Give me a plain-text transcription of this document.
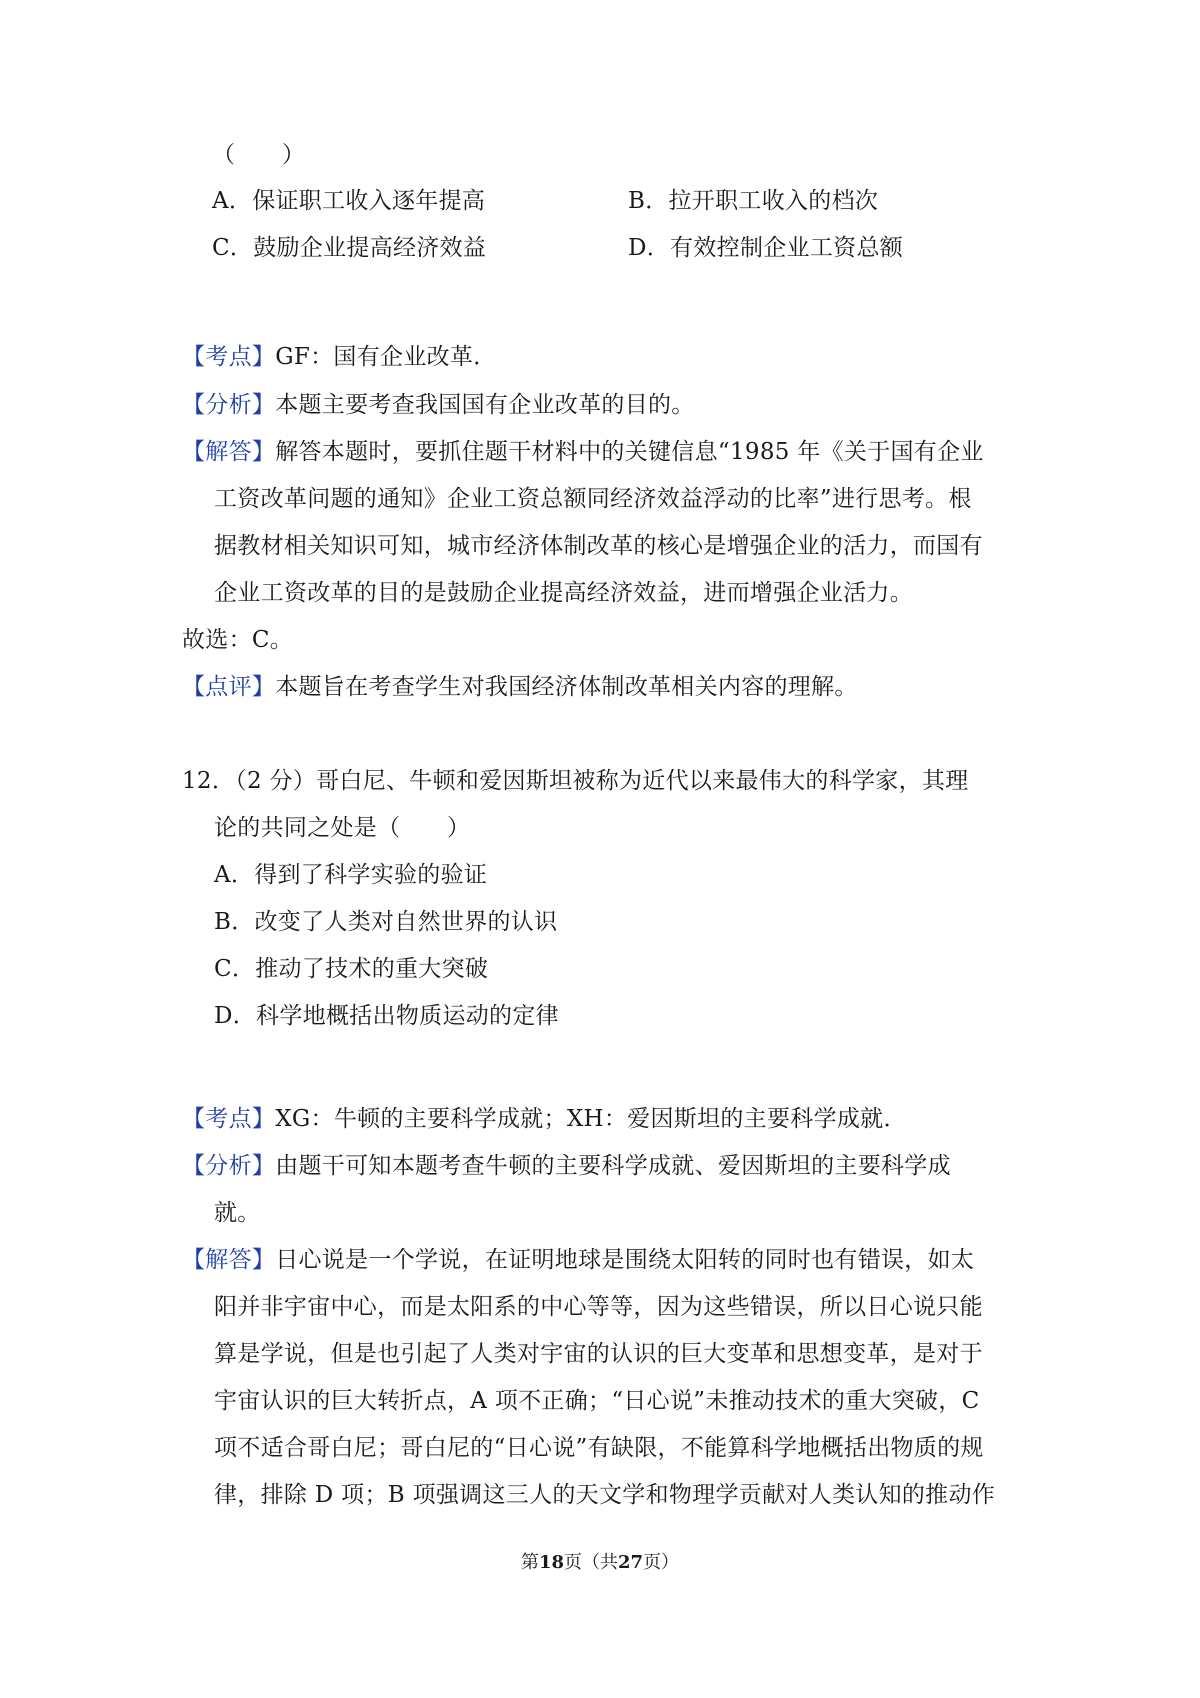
（　　）
A．保证职工收入逐年提高	B．拉开职工收入的档次
C．鼓励企业提高经济效益	D．有效控制企业工资总额
【考点】GF：国有企业改革．
【分析】本题主要考查我国国有企业改革的目的。
【解答】解答本题时，要抓住题干材料中的关键信息“1985 年《关于国有企业
工资改革问题的通知》企业工资总额同经济效益浮动的比率”进行思考。根
据教材相关知识可知，城市经济体制改革的核心是增强企业的活力，而国有
企业工资改革的目的是鼓励企业提高经济效益，进而增强企业活力。
故选：C。
【点评】本题旨在考查学生对我国经济体制改革相关内容的理解。
12．（2 分）哥白尼、牛顿和爱因斯坦被称为近代以来最伟大的科学家，其理
论的共同之处是（　　）
A．得到了科学实验的验证
B．改变了人类对自然世界的认识
C．推动了技术的重大突破
D．科学地概括出物质运动的定律
【考点】XG：牛顿的主要科学成就；XH：爱因斯坦的主要科学成就．
【分析】由题干可知本题考查牛顿的主要科学成就、爱因斯坦的主要科学成
就。
【解答】日心说是一个学说，在证明地球是围绕太阳转的同时也有错误，如太
阳并非宇宙中心，而是太阳系的中心等等，因为这些错误，所以日心说只能
算是学说，但是也引起了人类对宇宙的认识的巨大变革和思想变革，是对于
宇宙认识的巨大转折点，A 项不正确；“日心说”未推动技术的重大突破，C
项不适合哥白尼；哥白尼的“日心说”有缺限，不能算科学地概括出物质的规
律，排除 D 项；B 项强调这三人的天文学和物理学贡献对人类认知的推动作
第18页（共27页）
